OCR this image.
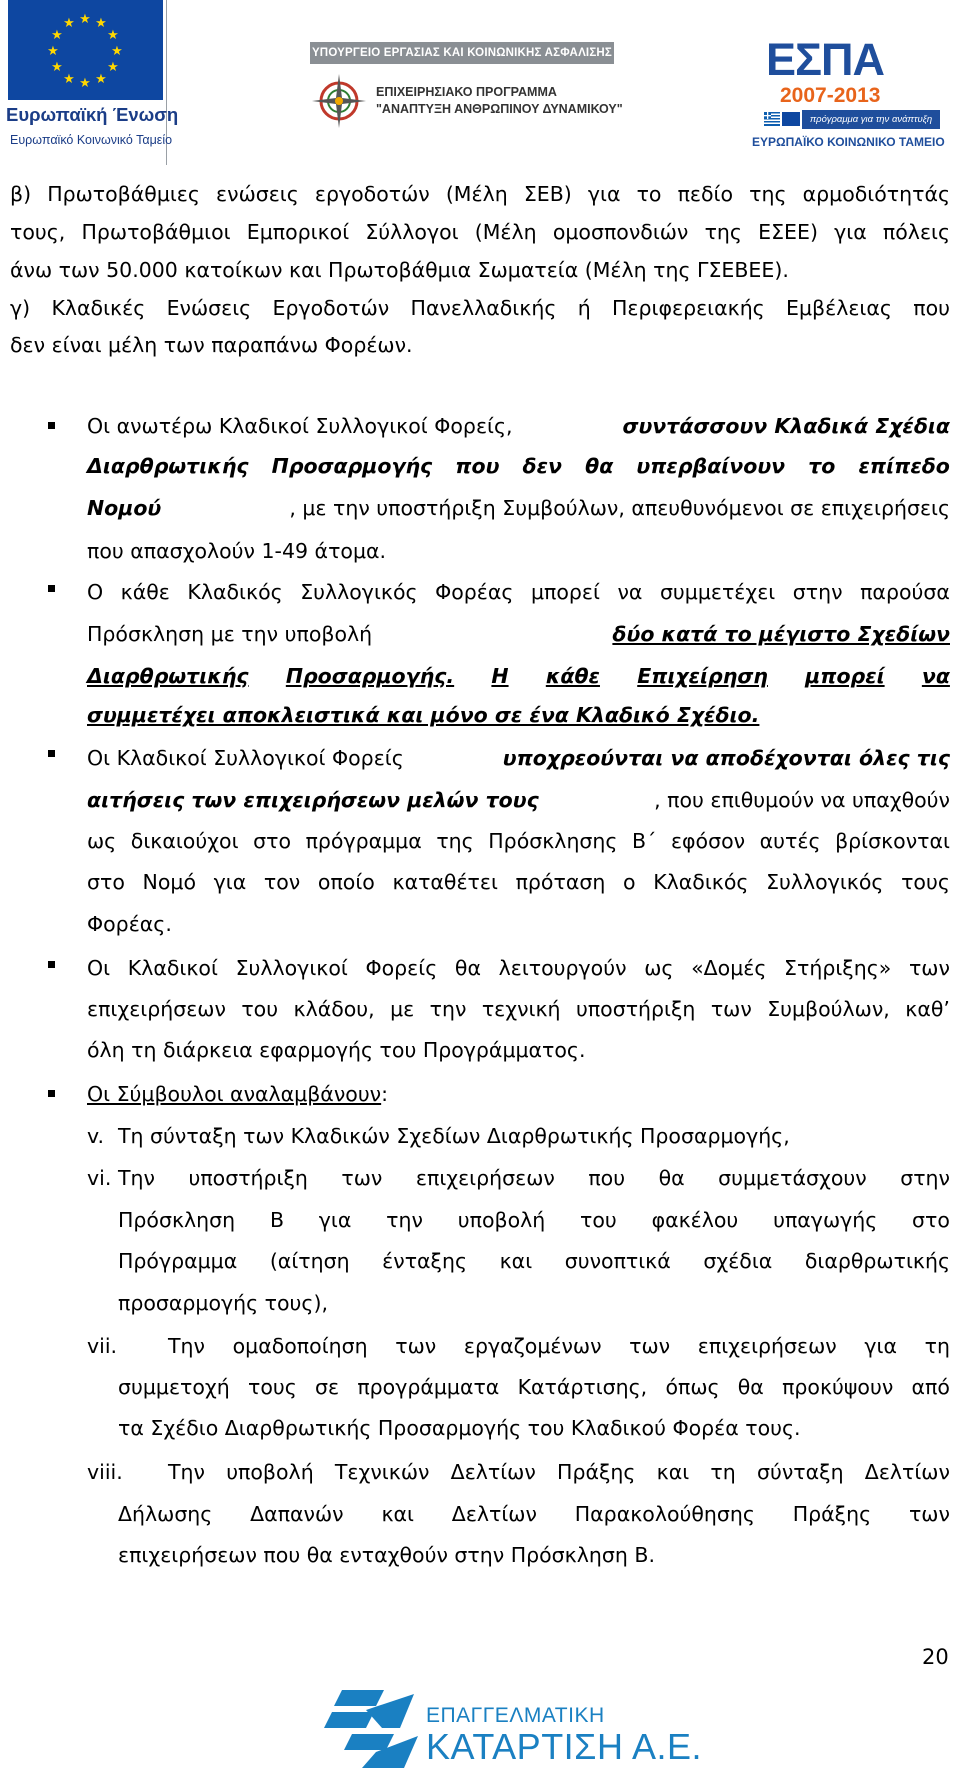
★ ★
★
★
★
★
★
★
★
★
★
★
Ευρωπαϊκή Ένωση
Ευρωπαϊκό Κοινωνικό Ταμείο
ΥΠΟΥΡΓΕΙΟ ΕΡΓΑΣΙΑΣ ΚΑΙ ΚΟΙΝΩΝΙΚΗΣ ΑΣΦΑΛΙΣΗΣ
ΕΠΙΧΕΙΡΗΣΙΑΚΟ ΠΡΟΓΡΑΜΜΑ
"ΑΝΑΠΤΥΞΗ ΑΝΘΡΩΠΙΝΟΥ ΔΥΝΑΜΙΚΟΥ"
ΕΣΠΑ
2007-2013
πρόγραμμα για την ανάπτυξη
ΕΥΡΩΠΑΪΚΟ ΚΟΙΝΩΝΙΚΟ ΤΑΜΕΙΟ
β) Πρωτοβάθμιες ενώσεις εργοδοτών (Μέλη ΣΕΒ) για το πεδίο της αρμοδιότητάς
τους, Πρωτοβάθμιοι Εμπορικοί Σύλλογοι (Μέλη ομοσπονδιών της ΕΣΕΕ) για πόλεις
άνω των 50.000 κατοίκων και Πρωτοβάθμια Σωματεία (Μέλη της ΓΣΕΒΕΕ).
γ) Κλαδικές Ενώσεις Εργοδοτών Πανελλαδικής ή Περιφερειακής Εμβέλειας που
δεν είναι μέλη των παραπάνω Φορέων.
Οι ανωτέρω Κλαδικοί Συλλογικοί Φορείς,	συντάσσουν Κλαδικά Σχέδια
Διαρθρωτικής Προσαρμογής που δεν θα υπερβαίνουν το επίπεδο
Νομού	, με την υποστήριξη Συμβούλων, απευθυνόμενοι σε επιχειρήσεις
που απασχολούν 1-49 άτομα.
Ο κάθε Κλαδικός Συλλογικός Φορέας μπορεί να συμμετέχει στην παρούσα
Πρόσκληση με την υποβολή	δύο κατά το μέγιστο Σχεδίων
Διαρθρωτικής Προσαρμογής. Η κάθε Επιχείρηση μπορεί να
συμμετέχει αποκλειστικά και μόνο σε ένα Κλαδικό Σχέδιο.
Οι Κλαδικοί Συλλογικοί Φορείς	υποχρεούνται να αποδέχονται όλες τις
αιτήσεις των επιχειρήσεων μελών τους	, που επιθυμούν να υπαχθούν
ως δικαιούχοι στο πρόγραμμα της Πρόσκλησης Β΄ εφόσον αυτές βρίσκονται
στο Νομό για τον οποίο καταθέτει πρόταση ο Κλαδικός Συλλογικός τους
Φορέας.
Οι Κλαδικοί Συλλογικοί Φορείς θα λειτουργούν ως «Δομές Στήριξης» των
επιχειρήσεων του κλάδου, με την τεχνική υποστήριξη των Συμβούλων, καθ’
όλη τη διάρκεια εφαρμογής του Προγράμματος.
Οι Σύμβουλοι αναλαμβάνουν:
v. Τη σύνταξη των Κλαδικών Σχεδίων Διαρθρωτικής Προσαρμογής,
vi. Την υποστήριξη των επιχειρήσεων που θα συμμετάσχουν στην
Πρόσκληση Β για την υποβολή του φακέλου υπαγωγής στο
Πρόγραμμα (αίτηση ένταξης και συνοπτικά σχέδια διαρθρωτικής
προσαρμογής τους),
vii. Την ομαδοποίηση των εργαζομένων των επιχειρήσεων για τη
συμμετοχή τους σε προγράμματα Κατάρτισης, όπως θα προκύψουν από
τα Σχέδιο Διαρθρωτικής Προσαρμογής του Κλαδικού Φορέα τους.
viii. Την υποβολή Τεχνικών Δελτίων Πράξης και τη σύνταξη Δελτίων
Δήλωσης Δαπανών και Δελτίων Παρακολούθησης Πράξης των
επιχειρήσεων που θα ενταχθούν στην Πρόσκληση Β.
20
ΕΠΑΓΓΕΛΜΑΤΙΚΗ
ΚΑΤΑΡΤΙΣΗ Α.Ε.
